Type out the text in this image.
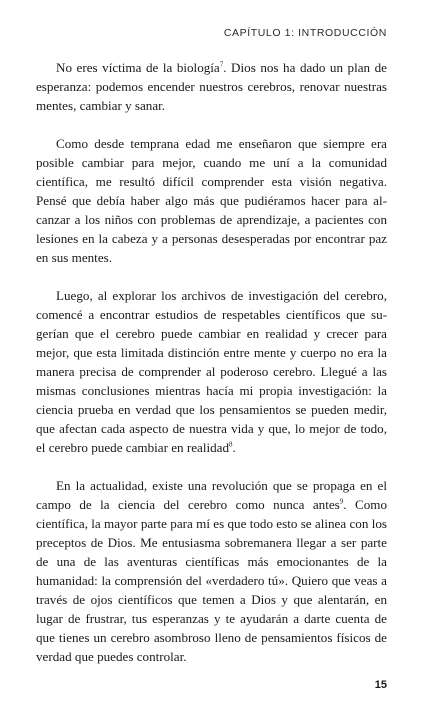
CAPÍTULO 1: INTRODUCCIÓN

No eres víctima de la biología$^7$. Dios nos ha dado un plan de esperanza: podemos encender nuestros cerebros, renovar nuestras mentes, cambiar y sanar.

Como desde temprana edad me enseñaron que siempre era posible cambiar para mejor, cuando me uní a la comunidad científica, me resultó difícil comprender esta visión negativa. Pensé que debía haber algo más que pudiéramos hacer para alcanzar a los niños con problemas de aprendizaje, a pacientes con lesiones en la cabeza y a personas desesperadas por encontrar paz en sus mentes.

Luego, al explorar los archivos de investigación del cerebro, comencé a encontrar estudios de respetables científicos que sugerían que el cerebro puede cambiar en realidad y crecer para mejor, que esta limitada distinción entre mente y cuerpo no era la manera precisa de comprender al poderoso cerebro. Llegué a las mismas conclusiones mientras hacía mi propia investigación: la ciencia prueba en verdad que los pensamientos se pueden medir, que afectan cada aspecto de nuestra vida y que, lo mejor de todo, el cerebro puede cambiar en realidad$^8$.

En la actualidad, existe una revolución que se propaga en el campo de la ciencia del cerebro como nunca antes$^9$. Como científica, la mayor parte para mí es que todo esto se alinea con los preceptos de Dios. Me entusiasma sobremanera llegar a ser parte de una de las aventuras científicas más emocionantes de la humanidad: la comprensión del «verdadero tú». Quiero que veas a través de ojos científicos que temen a Dios y que alentarán, en lugar de frustrar, tus esperanzas y te ayudarán a darte cuenta de que tienes un cerebro asombroso lleno de pensamientos físicos de verdad que puedes controlar.

15
